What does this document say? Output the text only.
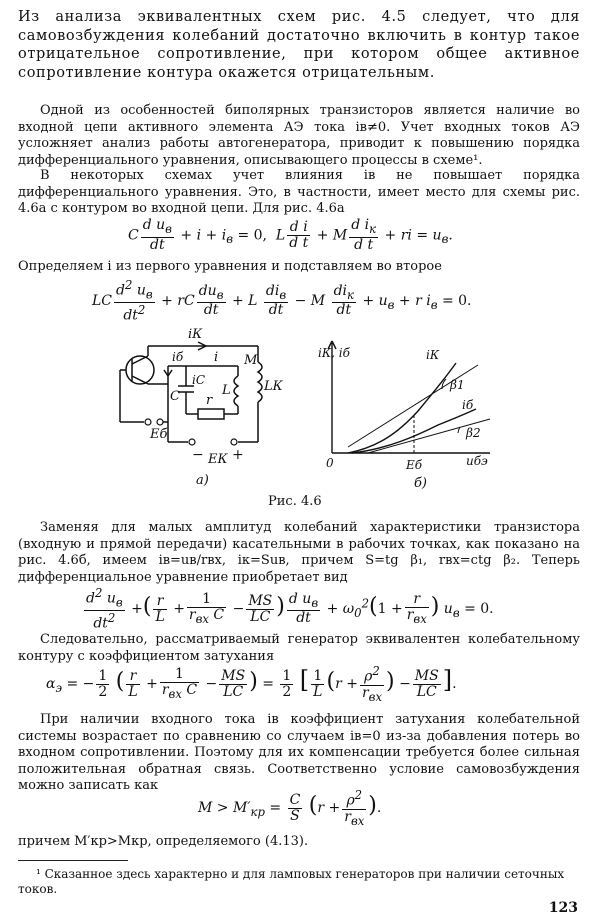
Из анализа эквивалентных схем рис. 4.5 следует, что для самовозбуждения колебаний достаточно включить в контур такое отрицательное сопротивление, при котором общее активное сопротивление контура окажется отрицательным.

Одной из особенностей биполярных транзисторов является наличие во входной цепи активного элемента АЭ тока iв≠0. Учет входных токов АЭ усложняет анализ работы автогенератора, приводит к повышению порядка дифференциального уравнения, описывающего процессы в схеме¹.

В некоторых схемах учет влияния iв не повышает порядка дифференциального уравнения. Это, в частности, имеет место для схемы рис. 4.6а с контуром во входной цепи. Для рис. 4.6а

C
d $u_в$
dt
+ $i + i_в = 0$,  L $\frac{\text{d i}}{\text{d t}} + M$
d $i_к$
d t
+ ri = $u_в$.

Определяем i из первого уравнения и подставляем во второе

LC
$d^2$ $u_в$
$dt^2$
+ rC
$du_в$
dt
+ L
$di_в$
dt
− M
$di_к$
dt
+ $u_в + r$ $i_в = 0$.
iК
iб i
iС
M
L	LК
C r
Eб
EК
− +
а)
iК, iб	iК
iб
β1
β2
0	Eб	uбэ
б)
Рис. 4.6

Заменяя для малых амплитуд колебаний характеристики транзистора (входную и прямой передачи) касательными в рабочих точках, как показано на рис. 4.6б, имеем iв=uв/rвх, iк=Suв, причем S=tg β₁, rвх=ctg β₂. Теперь дифференциальное уравнение приобретает вид

$d^2$ $u_в$
$dt^2$
+( $\frac{r}{L}$ +
1
$r_{вх}$ $C - \frac{MS}{LC}$ ) d $u_в$
dt
+ $\omega_0^2(1$ +
r
$r_{вх}$ ) $u_в = 0$.

Следовательно, рассматриваемый генератор эквивалентен колебательному контуру с коэффициентом затухания

$\alpha_э$ = − $\frac{1}{2}$ ( $\frac{r}{L}$ +
1
$r_{вх}$ $C - \frac{MS}{LC}$ ) = $\frac{1}{2}$ [ $\frac{1}{L} (r + \rho^2$
$r_{вх}$
) − $\frac{MS}{LC}$ ].

При наличии входного тока iв коэффициент затухания колебательной системы возрастает по сравнению со случаем iв=0 из-за добавления потерь во входном сопротивлении. Поэтому для их компенсации требуется более сильная положительная обратная связь. Соответственно условие самовозбуждения можно записать как

$M > M'_{кр} = \frac{C}{S} (r + \rho^2$
$r_{вх}$
).

причем M′кр>Mкр, определяемого (4.13).

¹ Сказанное здесь характерно и для ламповых генераторов при наличии сеточных токов.
123
